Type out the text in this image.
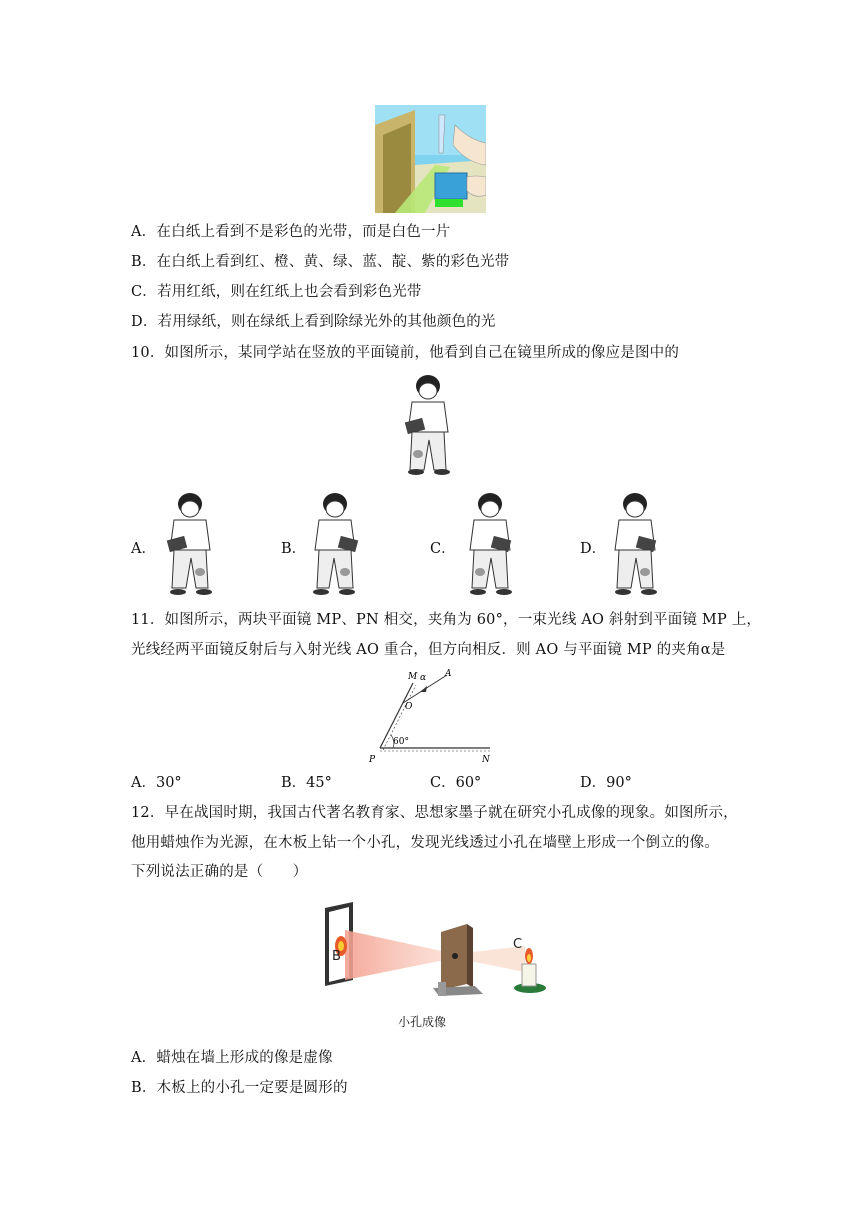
A．在白纸上看到不是彩色的光带，而是白色一片
B．在白纸上看到红、橙、黄、绿、蓝、靛、紫的彩色光带
C．若用红纸，则在红纸上也会看到彩色光带
D．若用绿纸，则在绿纸上看到除绿光外的其他颜色的光
10．如图所示，某同学站在竖放的平面镜前，他看到自己在镜里所成的像应是图中的
A．	B．	C．	D．
11．如图所示，两块平面镜 MP、PN 相交，夹角为 60°，一束光线 AO 斜射到平面镜 MP 上，
光线经两平面镜反射后与入射光线 AO 重合，但方向相反．则 AO 与平面镜 MP 的夹角α是
M	A
α
O
60°
P	N
A．30°	B．45°	C．60°	D．90°
12．早在战国时期，我国古代著名教育家、思想家墨子就在研究小孔成像的现象。如图所示，
他用蜡烛作为光源，在木板上钻一个小孔，发现光线透过小孔在墙壁上形成一个倒立的像。
下列说法正确的是（　　）
B
C
小孔成像
A．蜡烛在墙上形成的像是虚像
B．木板上的小孔一定要是圆形的
